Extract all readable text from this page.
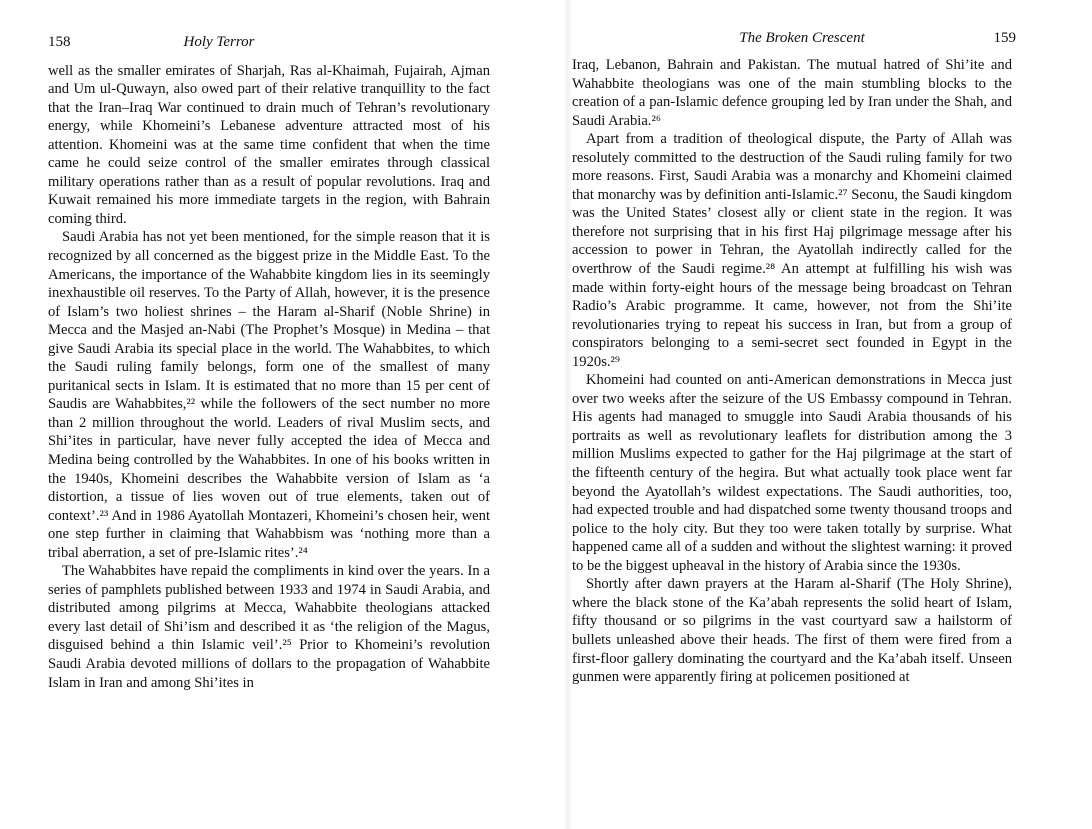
158	Holy Terror

well as the smaller emirates of Sharjah, Ras al-Khaimah, Fujairah, Ajman and Um ul-Quwayn, also owed part of their relative tranquillity to the fact that the Iran–Iraq War continued to drain much of Tehran’s revolutionary energy, while Khomeini’s Lebanese adventure attracted most of his attention. Khomeini was at the same time confident that when the time came he could seize control of the smaller emirates through classical military operations rather than as a result of popular revolutions. Iraq and Kuwait remained his more immediate targets in the region, with Bahrain coming third.

Saudi Arabia has not yet been mentioned, for the simple reason that it is recognized by all concerned as the biggest prize in the Middle East. To the Americans, the importance of the Wahabbite kingdom lies in its seemingly inexhaustible oil reserves. To the Party of Allah, however, it is the presence of Islam’s two holiest shrines – the Haram al-Sharif (Noble Shrine) in Mecca and the Masjed an-Nabi (The Prophet’s Mosque) in Medina – that give Saudi Arabia its special place in the world. The Wahabbites, to which the Saudi ruling family belongs, form one of the smallest of many puritanical sects in Islam. It is estimated that no more than 15 per cent of Saudis are Wahabbites,²² while the followers of the sect number no more than 2 million throughout the world. Leaders of rival Muslim sects, and Shi’ites in particular, have never fully accepted the idea of Mecca and Medina being controlled by the Wahabbites. In one of his books written in the 1940s, Khomeini describes the Wahabbite version of Islam as ‘a distortion, a tissue of lies woven out of true elements, taken out of context’.²³ And in 1986 Ayatollah Montazeri, Khomeini’s chosen heir, went one step further in claiming that Wahabbism was ‘nothing more than a tribal aberration, a set of pre-Islamic rites’.²⁴

The Wahabbites have repaid the compliments in kind over the years. In a series of pamphlets published between 1933 and 1974 in Saudi Arabia, and distributed among pilgrims at Mecca, Wahabbite theologians attacked every last detail of Shi’ism and described it as ‘the religion of the Magus, disguised behind a thin Islamic veil’.²⁵ Prior to Khomeini’s revolution Saudi Arabia devoted millions of dollars to the propagation of Wahabbite Islam in Iran and among Shi’ites in

The Broken Crescent	159

Iraq, Lebanon, Bahrain and Pakistan. The mutual hatred of Shi’ite and Wahabbite theologians was one of the main stumbling blocks to the creation of a pan-Islamic defence grouping led by Iran under the Shah, and Saudi Arabia.²⁶

Apart from a tradition of theological dispute, the Party of Allah was resolutely committed to the destruction of the Saudi ruling family for two more reasons. First, Saudi Arabia was a monarchy and Khomeini claimed that monarchy was by definition anti-Islamic.²⁷ Seconu, the Saudi kingdom was the United States’ closest ally or client state in the region. It was therefore not surprising that in his first Haj pilgrimage message after his accession to power in Tehran, the Ayatollah indirectly called for the overthrow of the Saudi regime.²⁸ An attempt at fulfilling his wish was made within forty-eight hours of the message being broadcast on Tehran Radio’s Arabic programme. It came, however, not from the Shi’ite revolutionaries trying to repeat his success in Iran, but from a group of conspirators belonging to a semi-secret sect founded in Egypt in the 1920s.²⁹

Khomeini had counted on anti-American demonstrations in Mecca just over two weeks after the seizure of the US Embassy compound in Tehran. His agents had managed to smuggle into Saudi Arabia thousands of his portraits as well as revolutionary leaflets for distribution among the 3 million Muslims expected to gather for the Haj pilgrimage at the start of the fifteenth century of the hegira. But what actually took place went far beyond the Ayatollah’s wildest expectations. The Saudi authorities, too, had expected trouble and had dispatched some twenty thousand troops and police to the holy city. But they too were taken totally by surprise. What happened came all of a sudden and without the slightest warning: it proved to be the biggest upheaval in the history of Arabia since the 1930s.

Shortly after dawn prayers at the Haram al-Sharif (The Holy Shrine), where the black stone of the Ka’abah represents the solid heart of Islam, fifty thousand or so pilgrims in the vast courtyard saw a hailstorm of bullets unleashed above their heads. The first of them were fired from a first-floor gallery dominating the courtyard and the Ka’abah itself. Unseen gunmen were apparently firing at policemen positioned at
